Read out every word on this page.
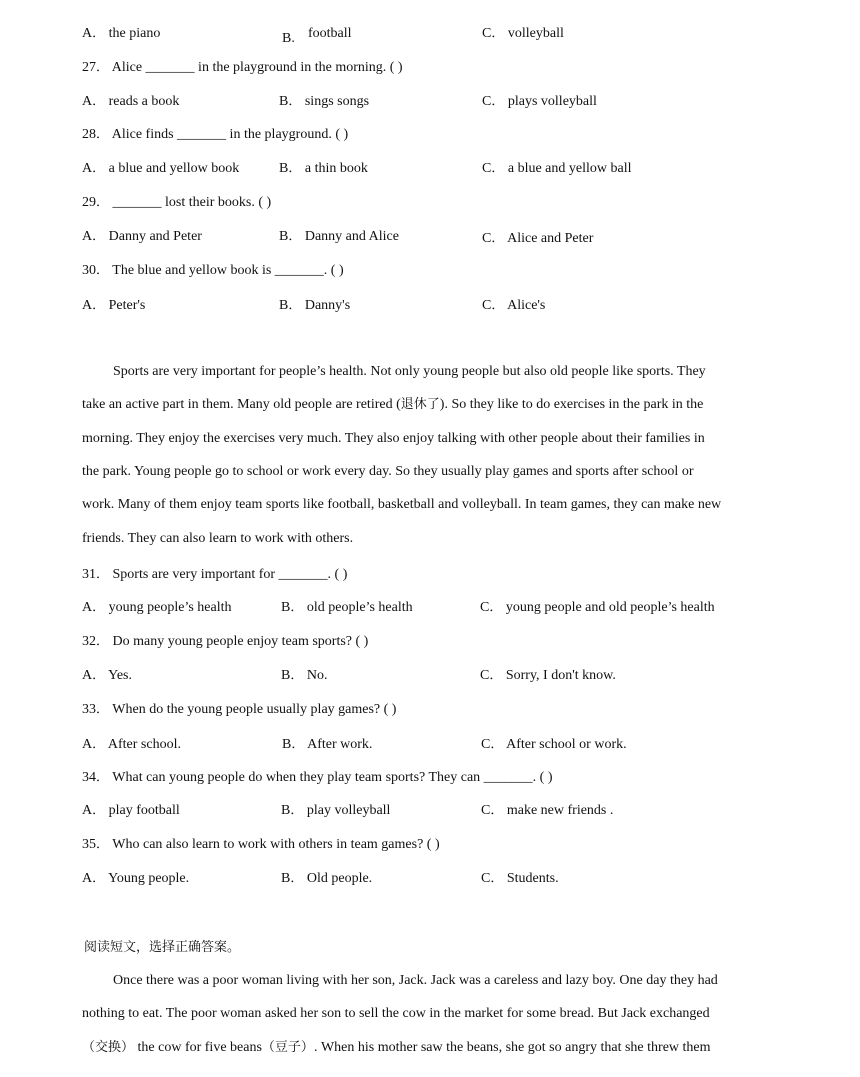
A． the piano	B. football	C． volleyball
27． Alice _______ in the playground in the morning. ( )
A． reads a book	B． sings songs	C． plays volleyball
28． Alice finds _______ in the playground. ( )
A． a blue and yellow book	B． a thin book	C． a blue and yellow ball
29． _______ lost their books. ( )
A． Danny and Peter	B． Danny and Alice	C． Alice and Peter
30． The blue and yellow book is _______. ( )
A． Peter's	B． Danny's	C． Alice's
Sports are very important for people’s health. Not only young people but also old people like sports. They
take an active part in them. Many old people are retired (退休了). So they like to do exercises in the park in the
morning. They enjoy the exercises very much. They also enjoy talking with other people about their families in
the park. Young people go to school or work every day. So they usually play games and sports after school or
work. Many of them enjoy team sports like football, basketball and volleyball. In team games, they can make new
friends. They can also learn to work with others.
31． Sports are very important for _______. ( )
A． young people’s health	B． old people’s health	C． young people and old people’s health
32． Do many young people enjoy team sports? ( )
A． Yes.	B． No.	C． Sorry, I don't know.
33． When do the young people usually play games? ( )
A． After school.	B． After work.	C． After school or work.
34． What can young people do when they play team sports? They can _______. ( )
A． play football	B． play volleyball	C． make new friends .
35． Who can also learn to work with others in team games? ( )
A． Young people.	B． Old people.	C． Students.
阅读短文，选择正确答案。
Once there was a poor woman living with her son, Jack. Jack was a careless and lazy boy. One day they had
nothing to eat. The poor woman asked her son to sell the cow in the market for some bread. But Jack exchanged
（交换） the cow for five beans（豆子）. When his mother saw the beans, she got so angry that she threw them
